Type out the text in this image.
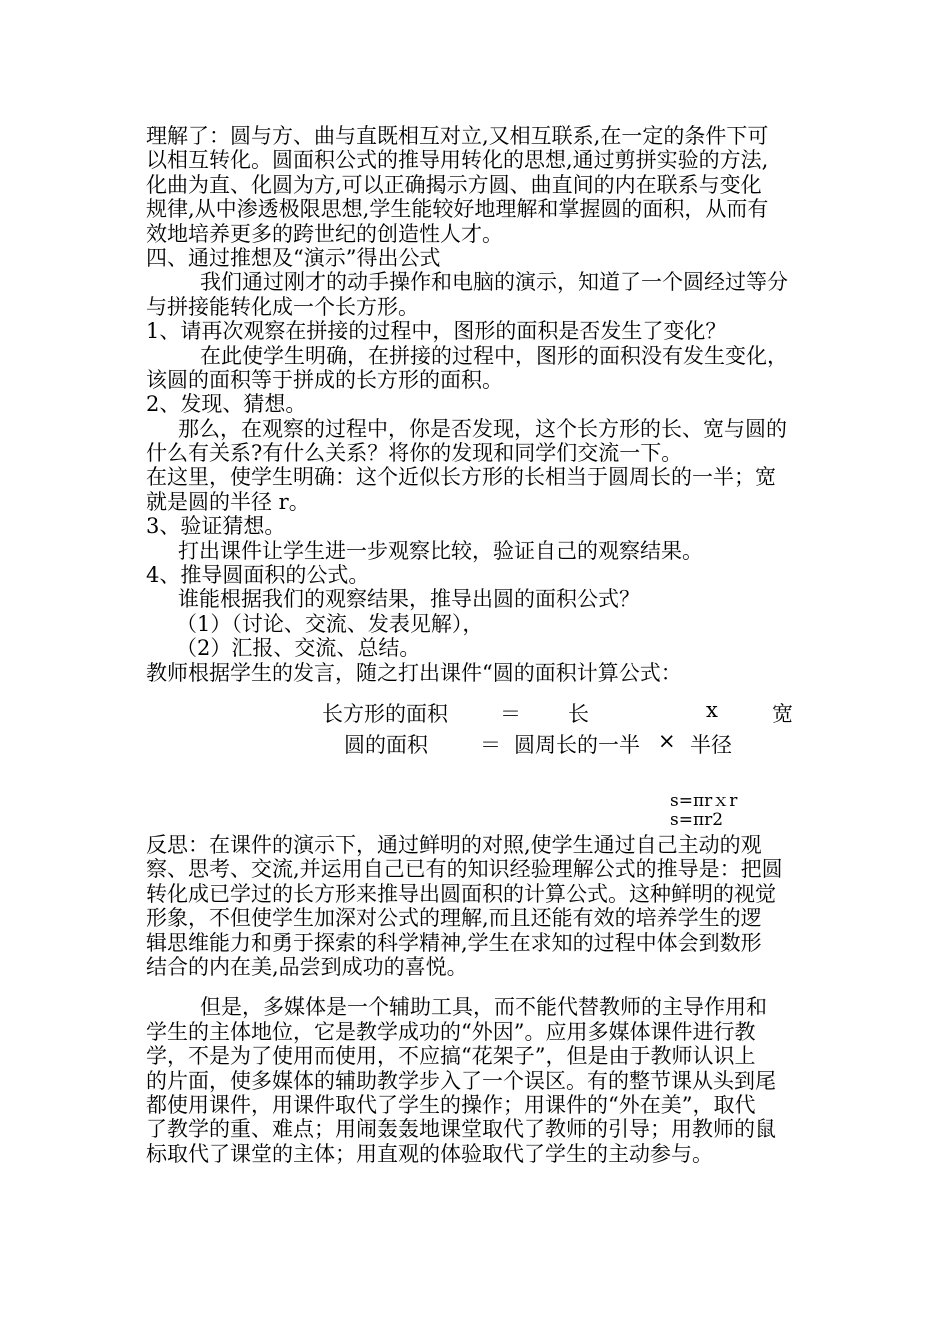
理解了：圆与方、曲与直既相互对立,又相互联系,在一定的条件下可
以相互转化。圆面积公式的推导用转化的思想,通过剪拼实验的方法,
化曲为直、化圆为方,可以正确揭示方圆、曲直间的内在联系与变化
规律,从中渗透极限思想,学生能较好地理解和掌握圆的面积，从而有
效地培养更多的跨世纪的创造性人才。
四、通过推想及“演示”得出公式
我们通过刚才的动手操作和电脑的演示，知道了一个圆经过等分
与拼接能转化成一个长方形。
1、请再次观察在拼接的过程中，图形的面积是否发生了变化？
在此使学生明确，在拼接的过程中，图形的面积没有发生变化，
该圆的面积等于拼成的长方形的面积。
2、发现、猜想。
那么，在观察的过程中，你是否发现，这个长方形的长、宽与圆的
什么有关系?有什么关系？将你的发现和同学们交流一下。
在这里，使学生明确：这个近似长方形的长相当于圆周长的一半；宽
就是圆的半径 r。
3、验证猜想。
打出课件让学生进一步观察比较，验证自己的观察结果。
4、推导圆面积的公式。
谁能根据我们的观察结果，推导出圆的面积公式？
（1）（讨论、交流、发表见解），
（2）汇报、交流、总结。
教师根据学生的发言，随之打出课件“圆的面积计算公式：
长方形的面积 ＝ 长	x	宽
圆的面积 ＝ 圆周长的一半 × 半径
s=πrｘr
s=πr2
反思：在课件的演示下，通过鲜明的对照,使学生通过自己主动的观
察、思考、交流,并运用自己已有的知识经验理解公式的推导是：把圆
转化成已学过的长方形来推导出圆面积的计算公式。这种鲜明的视觉
形象，不但使学生加深对公式的理解,而且还能有效的培养学生的逻
辑思维能力和勇于探索的科学精神,学生在求知的过程中体会到数形
结合的内在美,品尝到成功的喜悦。
但是，多媒体是一个辅助工具，而不能代替教师的主导作用和
学生的主体地位，它是教学成功的“外因”。应用多媒体课件进行教
学，不是为了使用而使用，不应搞“花架子”，但是由于教师认识上
的片面，使多媒体的辅助教学步入了一个误区。有的整节课从头到尾
都使用课件，用课件取代了学生的操作；用课件的“外在美”，取代
了教学的重、难点；用闹轰轰地课堂取代了教师的引导；用教师的鼠
标取代了课堂的主体；用直观的体验取代了学生的主动参与。
